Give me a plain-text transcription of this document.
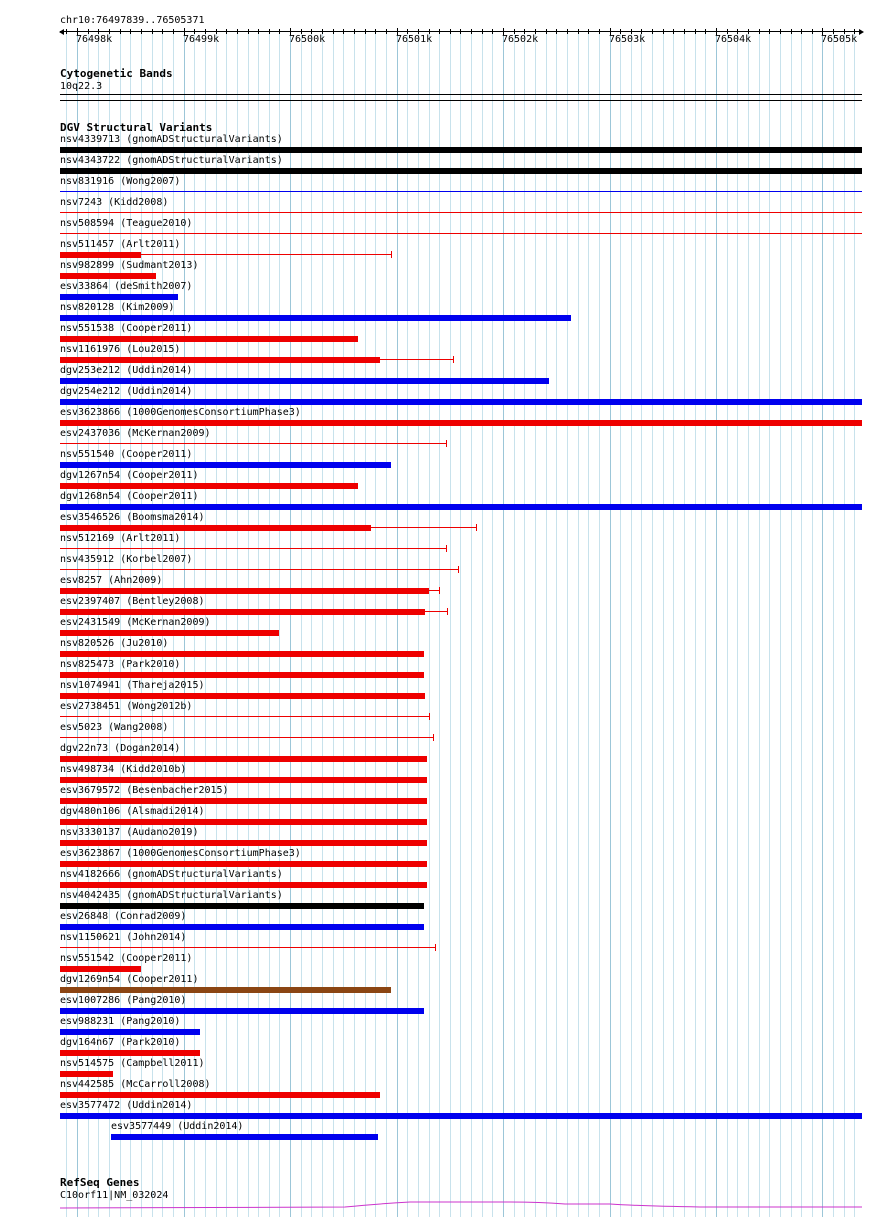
chr10:76497839..76505371
76498k	76499k	76500k	76501k	76502k	76503k	76504k	76505k
Cytogenetic Bands
10q22.3
DGV Structural Variants
nsv4339713 (gnomADStructuralVariants)
nsv4343722 (gnomADStructuralVariants)
nsv831916 (Wong2007)
nsv7243 (Kidd2008)
nsv508594 (Teague2010)
nsv511457 (Arlt2011)
nsv982899 (Sudmant2013)
esv33864 (deSmith2007)
nsv820128 (Kim2009)
nsv551538 (Cooper2011)
nsv1161976 (Lou2015)
dgv253e212 (Uddin2014)
dgv254e212 (Uddin2014)
esv3623866 (1000GenomesConsortiumPhase3)
esv2437036 (McKernan2009)
nsv551540 (Cooper2011)
dgv1267n54 (Cooper2011)
dgv1268n54 (Cooper2011)
esv3546526 (Boomsma2014)
nsv512169 (Arlt2011)
nsv435912 (Korbel2007)
esv8257 (Ahn2009)
esv2397407 (Bentley2008)
esv2431549 (McKernan2009)
nsv820526 (Ju2010)
nsv825473 (Park2010)
nsv1074941 (Thareja2015)
esv2738451 (Wong2012b)
esv5023 (Wang2008)
dgv22n73 (Dogan2014)
nsv498734 (Kidd2010b)
esv3679572 (Besenbacher2015)
dgv480n106 (Alsmadi2014)
nsv3330137 (Audano2019)
esv3623867 (1000GenomesConsortiumPhase3)
nsv4182666 (gnomADStructuralVariants)
nsv4042435 (gnomADStructuralVariants)
esv26848 (Conrad2009)
nsv1150621 (John2014)
nsv551542 (Cooper2011)
dgv1269n54 (Cooper2011)
esv1007286 (Pang2010)
esv988231 (Pang2010)
dgv164n67 (Park2010)
nsv514575 (Campbell2011)
nsv442585 (McCarroll2008)
esv3577472 (Uddin2014)
esv3577449 (Uddin2014)
RefSeq Genes
C10orf11|NM_032024
